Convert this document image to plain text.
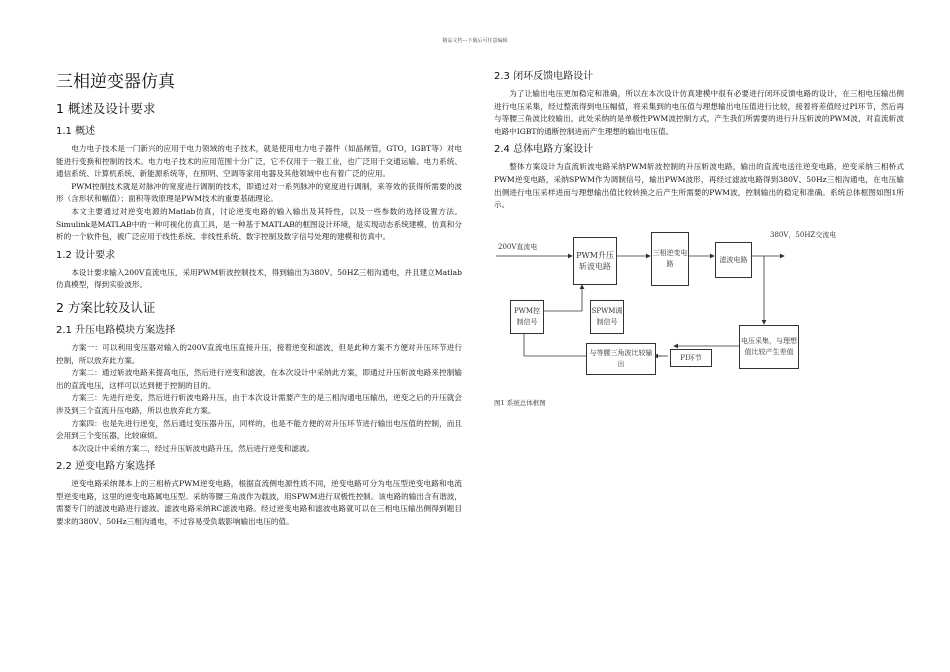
精品文档---下载后可任意编辑
三相逆变器仿真
1 概述及设计要求
1.1 概述

电力电子技术是一门新兴的应用于电力领域的电子技术，就是使用电力电子器件（如晶闸管，GTO，IGBT等）对电能进行变换和控制的技术。电力电子技术的应用范围十分广泛，它不仅用于一般工业，也广泛用于交通运输、电力系统、通信系统、计算机系统、新能源系统等，在照明、空调等家用电器及其他领域中也有着广泛的应用。

PWM控制技术就是对脉冲的宽度进行调制的技术，即通过对一系列脉冲的宽度进行调制，来等效的获得所需要的波形（含形状和幅值）；面积等效原理是PWM技术的重要基础理论。

本文主要通过对逆变电源的Matlab仿真，讨论逆变电路的输入输出及其特性，以及一些参数的选择设置方法。Simulink是MATLAB中的一种可视化仿真工具，是一种基于MATLAB的框图设计环境，是实现动态系统建模、仿真和分析的一个软件包，被广泛应用于线性系统、非线性系统、数字控制及数字信号处理的建模和仿真中。

1.2 设计要求

本设计要求输入200V直流电压，采用PWM斩波控制技术，得到输出为380V、50HZ三相沟通电，并且建立Matlab仿真模型，得到实验波形。

2 方案比较及认证
2.1 升压电路模块方案选择

方案一：可以利用变压器对输入的200V直流电压直接升压，接着逆变和滤波，但是此种方案不方便对升压环节进行控制，所以放弃此方案。

方案二：通过斩波电路来提高电压，然后进行逆变和滤波，在本次设计中采纳此方案，即通过升压斩波电路来控制输出的直流电压，这样可以达到便于控制的目的。

方案三：先进行逆变，然后进行斩波电路升压，由于本次设计需要产生的是三相沟通电压输出，逆变之后的升压就会涉及到三个直流升压电路，所以也放弃此方案。

方案四：也是先进行逆变，然后通过变压器升压，同样的，也是不能方便的对升压环节进行输出电压值的控制，而且会用到三个变压器，比较麻烦。

本次设计中采纳方案二，经过升压斩波电路升压，然后进行逆变和滤波。

2.2 逆变电路方案选择

逆变电路采纳课本上的三相桥式PWM逆变电路，根据直流侧电源性质不同，逆变电路可分为电压型逆变电路和电流型逆变电路，这里的逆变电路属电压型。采纳等腰三角波作为载波，用SPWM进行双极性控制。该电路的输出含有谐波，需要专门的滤波电路进行滤波。滤波电路采纳RC滤波电路。经过逆变电路和滤波电路就可以在三相电压输出侧得到题目要求的380V、50Hz三相沟通电，不过容易受负载影响输出电压的值。

2.3 闭环反馈电路设计

为了让输出电压更加稳定和准确，所以在本次设计仿真建模中很有必要进行闭环反馈电路的设计，在三相电压输出侧进行电压采集，经过整流得到电压幅值，将采集到的电压值与理想输出电压值进行比较，接着将差值经过PI环节，然后再与等腰三角波比较输出，此处采纳的是单极性PWM波控制方式，产生我们所需要的进行升压斩波的PWM波，对直流斩波电路中IGBT的通断控制进而产生理想的输出电压值。

2.4 总体电路方案设计

整体方案设计为直流斩波电路采纳PWM斩波控制的升压斩波电路，输出的直流电送往逆变电路，逆变采纳三相桥式PWM逆变电路，采纳SPWM作为调制信号，输出PWM波形，再经过滤波电路得到380V、50Hz三相沟通电，在电压输出侧进行电压采样进而与理想输出值比较转换之后产生所需要的PWM波，控制输出的稳定和准确。系统总体框图如图1所示。

200V直流电
380V，50HZ交流电
PWM升压斩波电路
三相逆变电路
滤波电路
PWM控制信号
SPWM调制信号
电压采集，与理想值比较产生差值
PI环节
与等腰三角波比较输出
图1 系统总体框图
